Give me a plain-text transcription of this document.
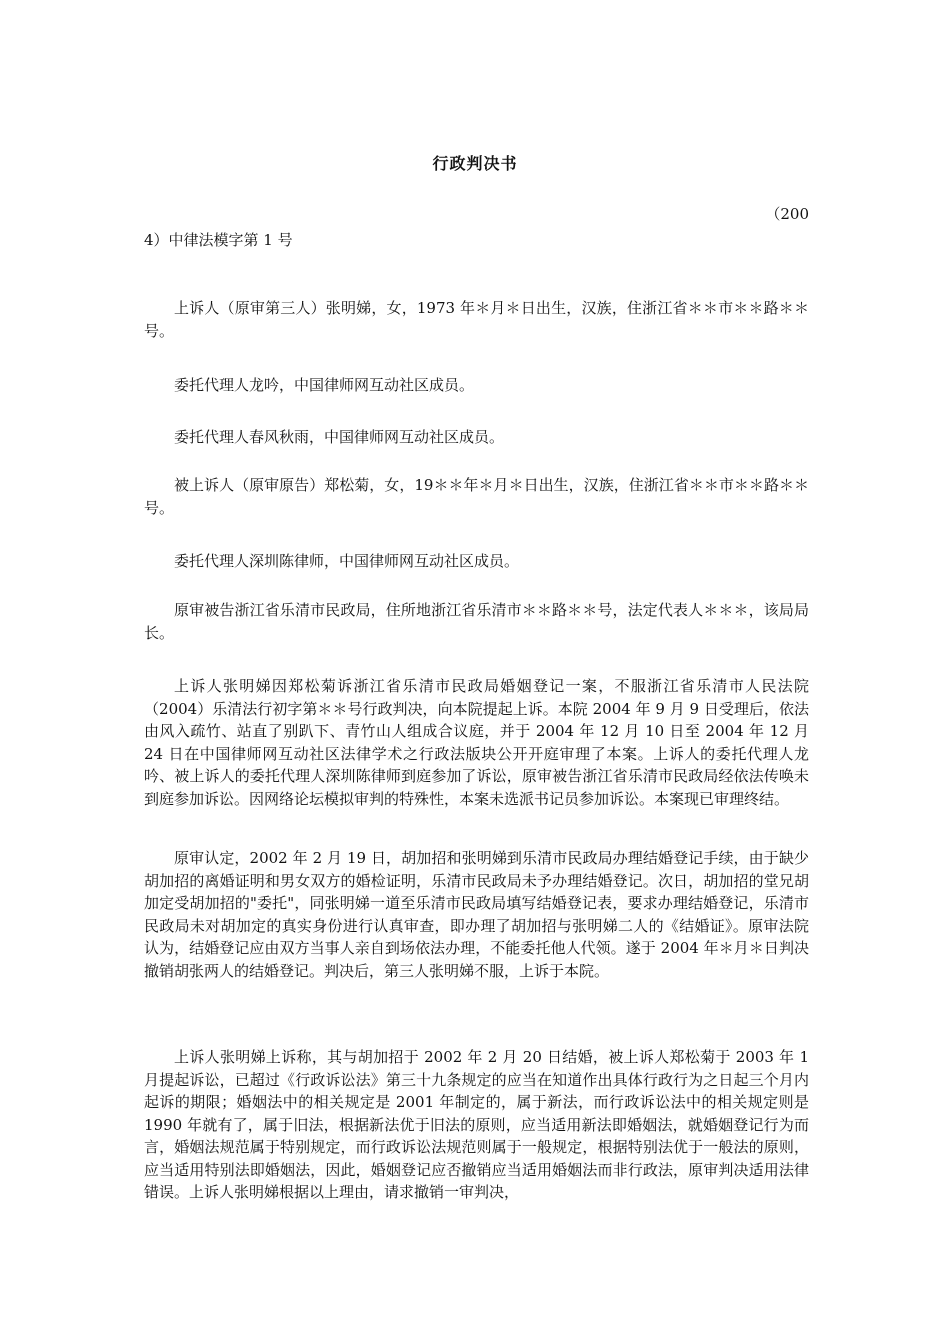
行政判决书
（200
4）中律法模字第 1 号

上诉人（原审第三人）张明娣，女，1973 年＊月＊日出生，汉族，住浙江省＊＊市＊＊路＊＊号。

委托代理人龙吟，中国律师网互动社区成员。

委托代理人春风秋雨，中国律师网互动社区成员。

被上诉人（原审原告）郑松菊，女，19＊＊年＊月＊日出生，汉族，住浙江省＊＊市＊＊路＊＊号。

委托代理人深圳陈律师，中国律师网互动社区成员。

原审被告浙江省乐清市民政局，住所地浙江省乐清市＊＊路＊＊号，法定代表人＊＊＊，该局局长。

上诉人张明娣因郑松菊诉浙江省乐清市民政局婚姻登记一案，不服浙江省乐清市人民法院（2004）乐清法行初字第＊＊号行政判决，向本院提起上诉。本院 2004 年 9 月 9 日受理后，依法由风入疏竹、站直了别趴下、青竹山人组成合议庭，并于 2004 年 12 月 10 日至 2004 年 12 月 24 日在中国律师网互动社区法律学术之行政法版块公开开庭审理了本案。上诉人的委托代理人龙吟、被上诉人的委托代理人深圳陈律师到庭参加了诉讼，原审被告浙江省乐清市民政局经依法传唤未到庭参加诉讼。因网络论坛模拟审判的特殊性，本案未选派书记员参加诉讼。本案现已审理终结。

原审认定，2002 年 2 月 19 日，胡加招和张明娣到乐清市民政局办理结婚登记手续，由于缺少胡加招的离婚证明和男女双方的婚检证明，乐清市民政局未予办理结婚登记。次日，胡加招的堂兄胡加定受胡加招的"委托"，同张明娣一道至乐清市民政局填写结婚登记表，要求办理结婚登记，乐清市民政局未对胡加定的真实身份进行认真审查，即办理了胡加招与张明娣二人的《结婚证》。原审法院认为，结婚登记应由双方当事人亲自到场依法办理，不能委托他人代领。遂于 2004 年＊月＊日判决撤销胡张两人的结婚登记。判决后，第三人张明娣不服，上诉于本院。

上诉人张明娣上诉称，其与胡加招于 2002 年 2 月 20 日结婚，被上诉人郑松菊于 2003 年 1 月提起诉讼，已超过《行政诉讼法》第三十九条规定的应当在知道作出具体行政行为之日起三个月内起诉的期限；婚姻法中的相关规定是 2001 年制定的，属于新法，而行政诉讼法中的相关规定则是 1990 年就有了，属于旧法，根据新法优于旧法的原则，应当适用新法即婚姻法，就婚姻登记行为而言，婚姻法规范属于特别规定，而行政诉讼法规范则属于一般规定，根据特别法优于一般法的原则，应当适用特别法即婚姻法，因此，婚姻登记应否撤销应当适用婚姻法而非行政法，原审判决适用法律错误。上诉人张明娣根据以上理由，请求撤销一审判决，
